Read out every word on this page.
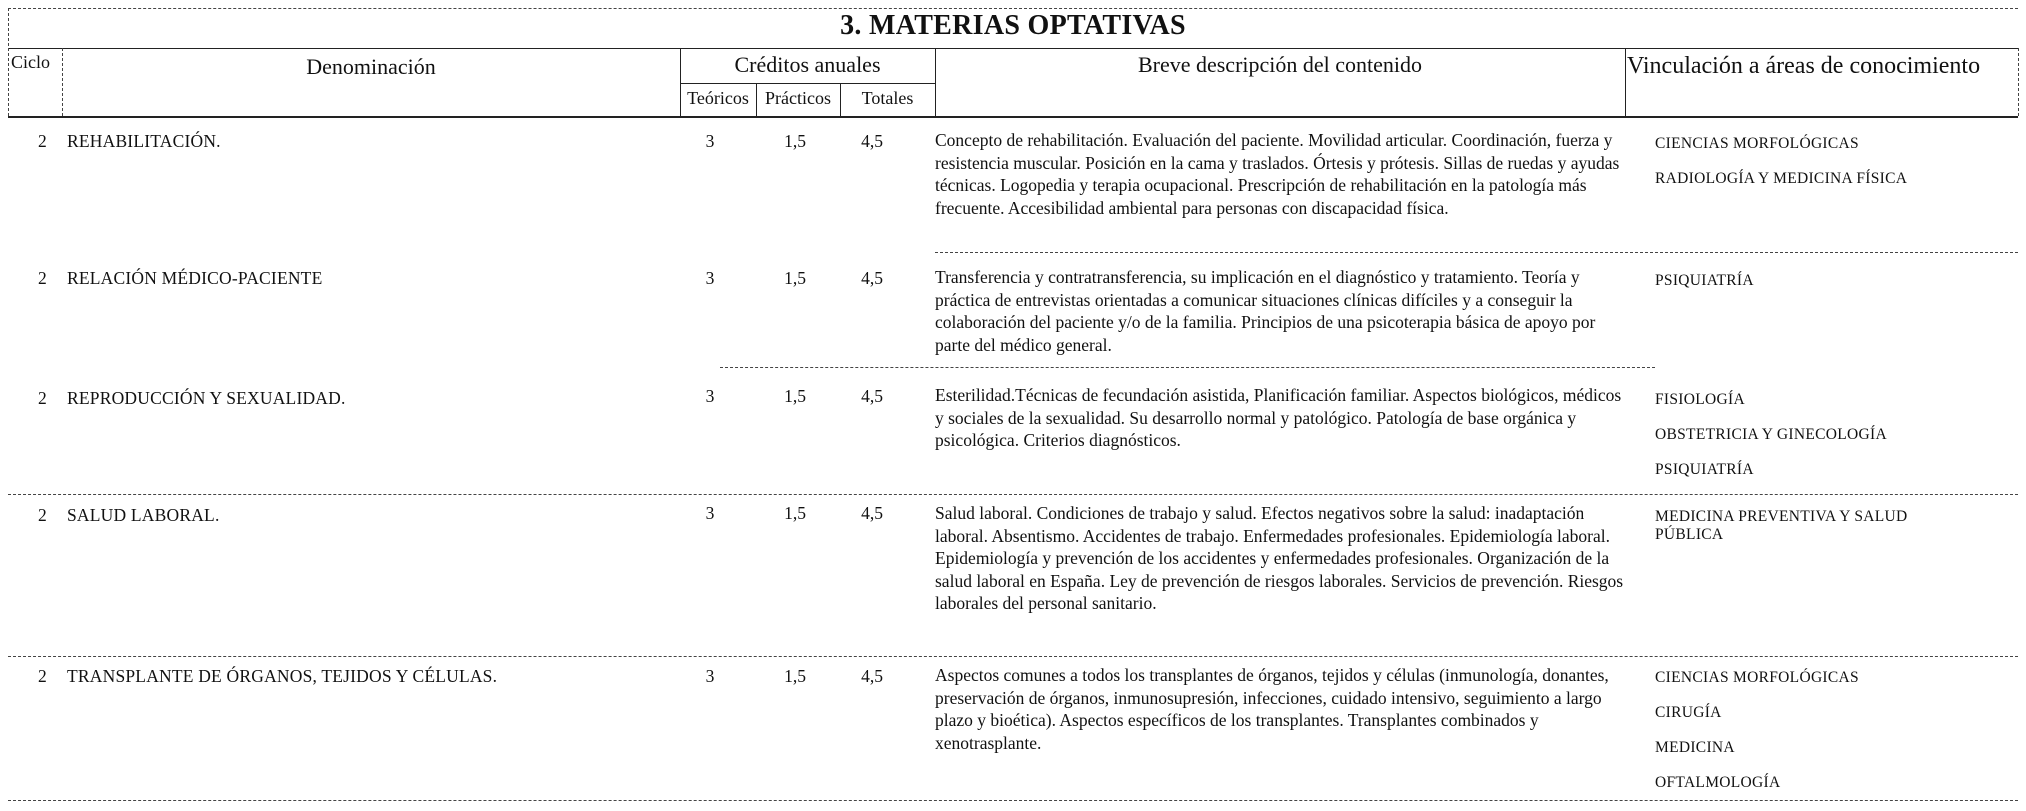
3. MATERIAS OPTATIVAS
Ciclo	Denominación	Créditos anuales
Teóricos Prácticos	Totales
Breve descripción del contenido	Vinculación a áreas de conocimiento
2 REHABILITACIÓN.	3	1,5	4,5	Concepto de rehabilitación. Evaluación del paciente. Movilidad articular. Coordinación, fuerza y resistencia muscular. Posición en la cama y traslados. Órtesis y prótesis. Sillas de ruedas y ayudas técnicas. Logopedia y terapia ocupacional. Prescripción de rehabilitación en la patología más frecuente. Accesibilidad ambiental para personas con discapacidad física.
CIENCIAS MORFOLÓGICAS
RADIOLOGÍA Y MEDICINA FÍSICA
2 RELACIÓN MÉDICO-PACIENTE	3	1,5	4,5	Transferencia y contratransferencia, su implicación en el diagnóstico y tratamiento. Teoría y práctica de entrevistas orientadas a comunicar situaciones clínicas difíciles y a conseguir la colaboración del paciente y/o de la familia. Principios de una psicoterapia básica de apoyo por parte del médico general.
PSIQUIATRÍA
2 REPRODUCCIÓN Y SEXUALIDAD.	3	1,5	4,5	Esterilidad.Técnicas de fecundación asistida, Planificación familiar. Aspectos biológicos, médicos y sociales de la sexualidad. Su desarrollo normal y patológico. Patología de base orgánica y psicológica. Criterios diagnósticos.
FISIOLOGÍA
OBSTETRICIA Y GINECOLOGÍA
PSIQUIATRÍA
2 SALUD LABORAL.	3	1,5	4,5	Salud laboral. Condiciones de trabajo y salud. Efectos negativos sobre la salud: inadaptación laboral. Absentismo. Accidentes de trabajo. Enfermedades profesionales. Epidemiología laboral. Epidemiología y prevención de los accidentes y enfermedades profesionales. Organización de la salud laboral en España. Ley de prevención de riesgos laborales. Servicios de prevención. Riesgos laborales del personal sanitario.
MEDICINA PREVENTIVA Y SALUD PÚBLICA
2 TRANSPLANTE DE ÓRGANOS, TEJIDOS Y CÉLULAS.	3	1,5	4,5	Aspectos comunes a todos los transplantes de órganos, tejidos y células (inmunología, donantes, preservación de órganos, inmunosupresión, infecciones, cuidado intensivo, seguimiento a largo plazo y bioética). Aspectos específicos de los transplantes. Transplantes combinados y xenotrasplante.
CIENCIAS MORFOLÓGICAS
CIRUGÍA
MEDICINA
OFTALMOLOGÍA
